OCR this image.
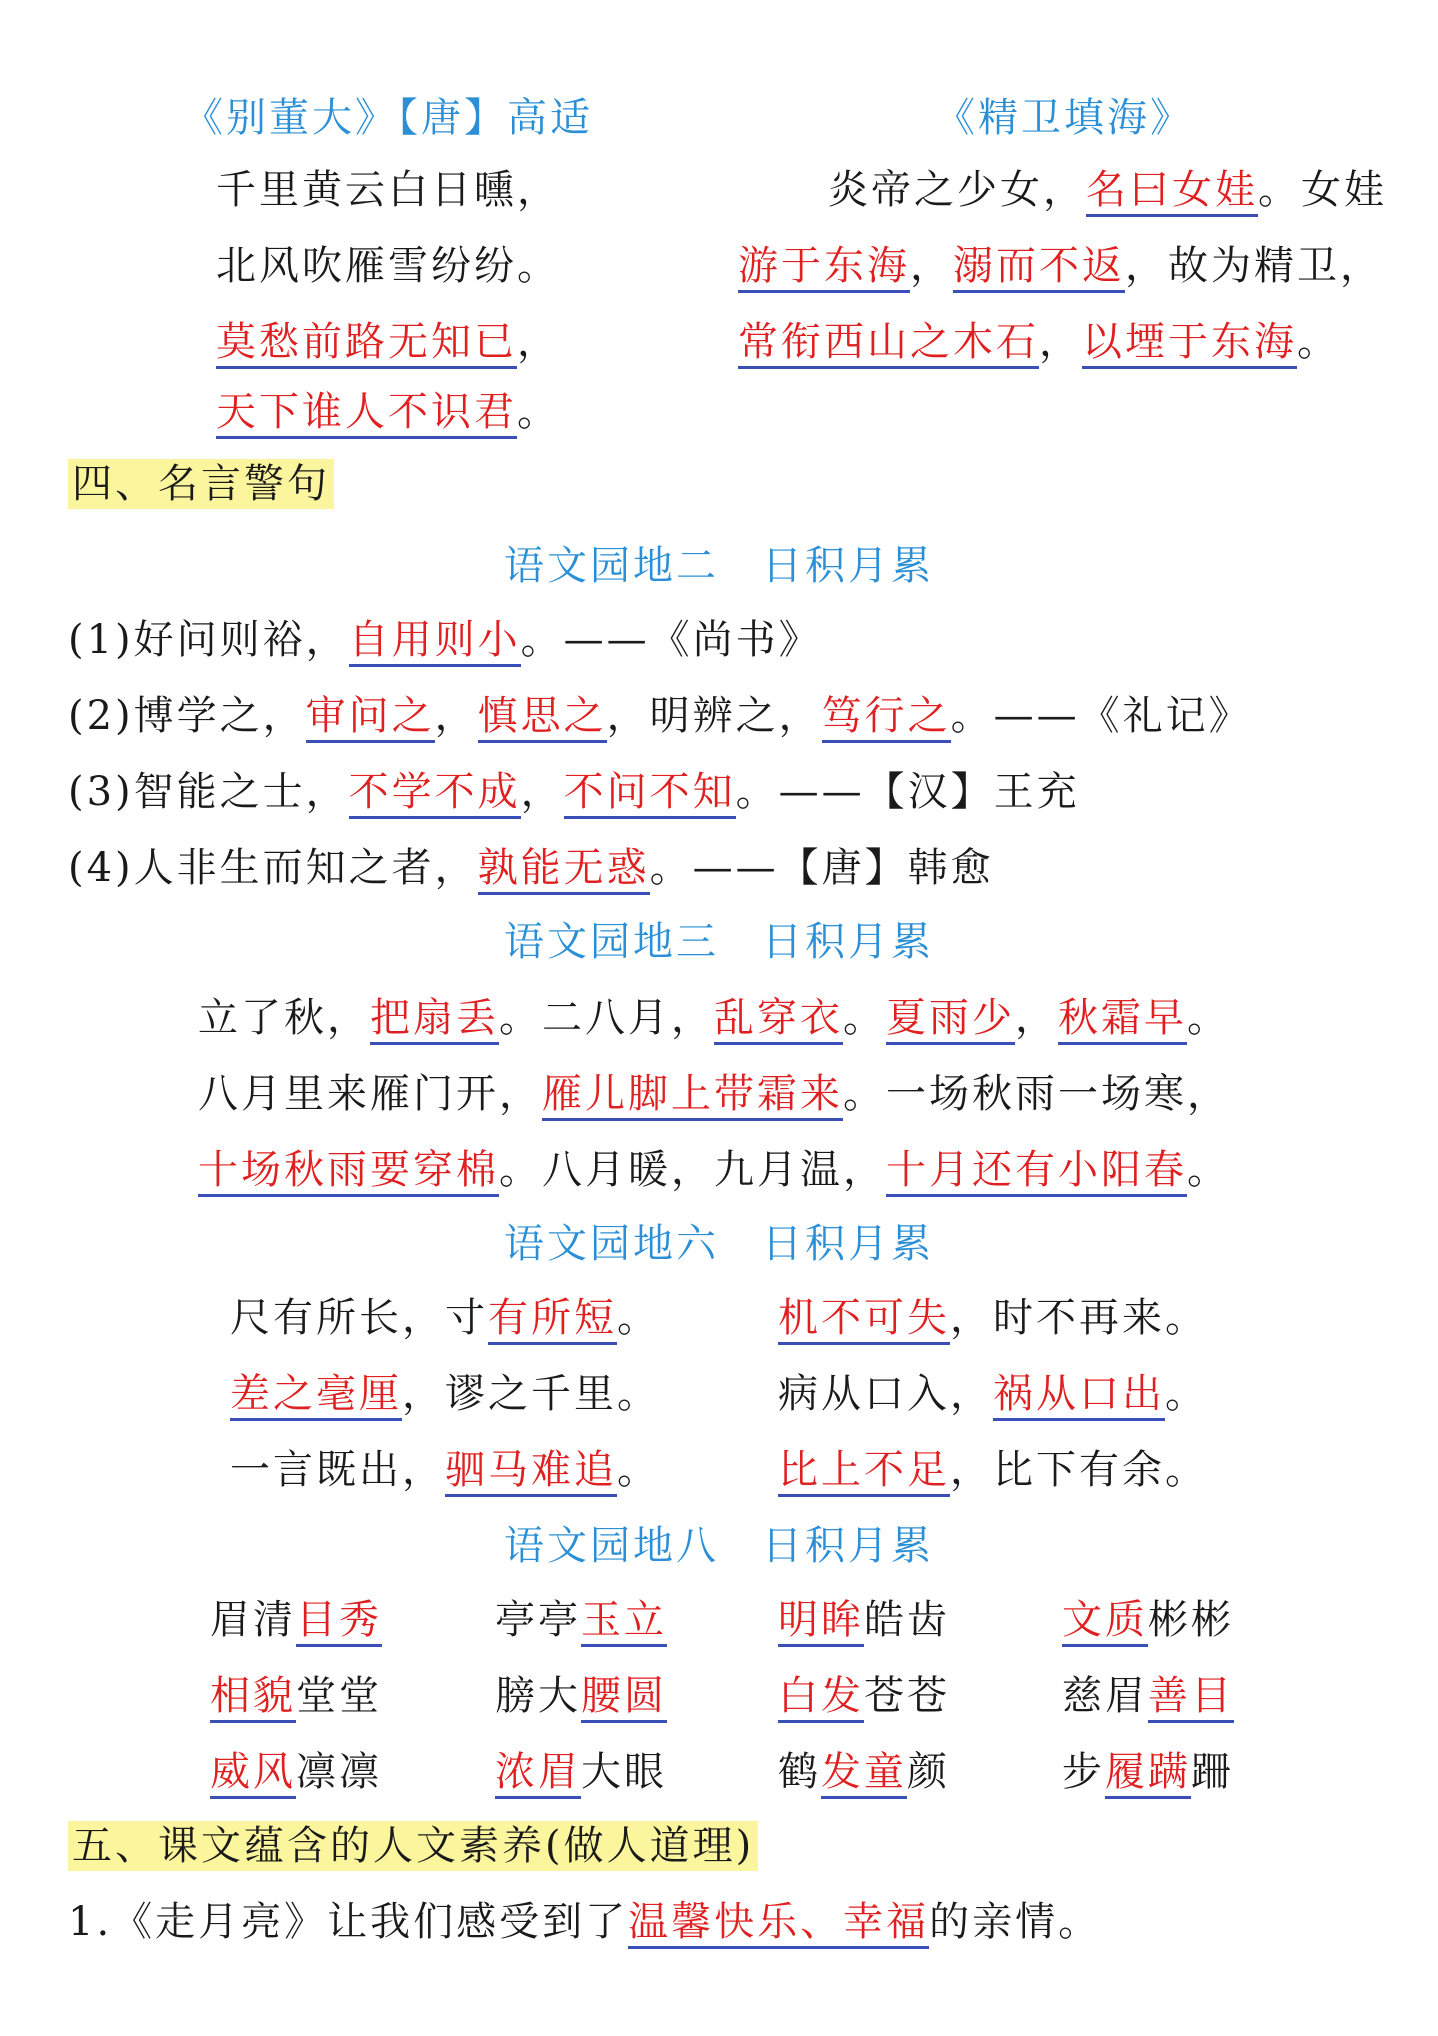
《别董大》【唐】高适
千里黄云白日曛，
北风吹雁雪纷纷。
莫愁前路无知已，
天下谁人不识君。
《精卫填海》
炎帝之少女，名曰女娃。女娃
游于东海，溺而不返，故为精卫，
常衔西山之木石，以堙于东海。
四、名言警句
语文园地二　日积月累
(1)好问则裕，自用则小。——《尚书》
(2)博学之，审问之，慎思之，明辨之，笃行之。——《礼记》
(3)智能之士，不学不成，不问不知。——【汉】王充
(4)人非生而知之者，孰能无惑。——【唐】韩愈
语文园地三　日积月累
立了秋，把扇丢。二八月，乱穿衣。夏雨少，秋霜早。
八月里来雁门开，雁儿脚上带霜来。一场秋雨一场寒，
十场秋雨要穿棉。八月暖，九月温，十月还有小阳春。
语文园地六　日积月累
尺有所长，寸有所短。	机不可失，时不再来。
差之毫厘，谬之千里。	病从口入，祸从口出。
一言既出，驷马难追。	比上不足，比下有余。
语文园地八　日积月累
眉清目秀	亭亭玉立	明眸皓齿	文质彬彬
相貌堂堂	膀大腰圆	白发苍苍	慈眉善目
威风凛凛	浓眉大眼	鹤发童颜	步履蹒跚
五、课文蕴含的人文素养(做人道理)
1.《走月亮》让我们感受到了温馨快乐、幸福的亲情。
